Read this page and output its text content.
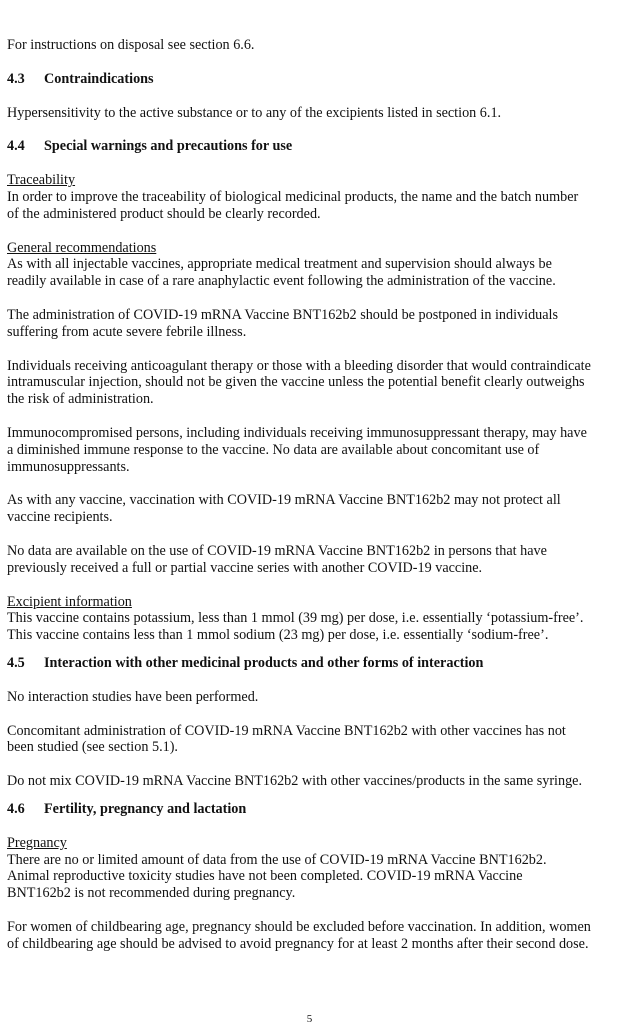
For instructions on disposal see section 6.6.

4.3 Contraindications

Hypersensitivity to the active substance or to any of the excipients listed in section 6.1.

4.4 Special warnings and precautions for use

Traceability
In order to improve the traceability of biological medicinal products, the name and the batch number
of the administered product should be clearly recorded.

General recommendations
As with all injectable vaccines, appropriate medical treatment and supervision should always be
readily available in case of a rare anaphylactic event following the administration of the vaccine.

The administration of COVID-19 mRNA Vaccine BNT162b2 should be postponed in individuals
suffering from acute severe febrile illness.

Individuals receiving anticoagulant therapy or those with a bleeding disorder that would contraindicate
intramuscular injection, should not be given the vaccine unless the potential benefit clearly outweighs
the risk of administration.

Immunocompromised persons, including individuals receiving immunosuppressant therapy, may have
a diminished immune response to the vaccine. No data are available about concomitant use of
immunosuppressants.

As with any vaccine, vaccination with COVID-19 mRNA Vaccine BNT162b2 may not protect all
vaccine recipients.

No data are available on the use of COVID-19 mRNA Vaccine BNT162b2 in persons that have
previously received a full or partial vaccine series with another COVID-19 vaccine.

Excipient information
This vaccine contains potassium, less than 1 mmol (39 mg) per dose, i.e. essentially ‘potassium-free’.
This vaccine contains less than 1 mmol sodium (23 mg) per dose, i.e. essentially ‘sodium-free’.

4.5 Interaction with other medicinal products and other forms of interaction

No interaction studies have been performed.

Concomitant administration of COVID-19 mRNA Vaccine BNT162b2 with other vaccines has not
been studied (see section 5.1).

Do not mix COVID-19 mRNA Vaccine BNT162b2 with other vaccines/products in the same syringe.

4.6 Fertility, pregnancy and lactation

Pregnancy
There are no or limited amount of data from the use of COVID-19 mRNA Vaccine BNT162b2.
Animal reproductive toxicity studies have not been completed. COVID-19 mRNA Vaccine
BNT162b2 is not recommended during pregnancy.

For women of childbearing age, pregnancy should be excluded before vaccination. In addition, women
of childbearing age should be advised to avoid pregnancy for at least 2 months after their second dose.

5
